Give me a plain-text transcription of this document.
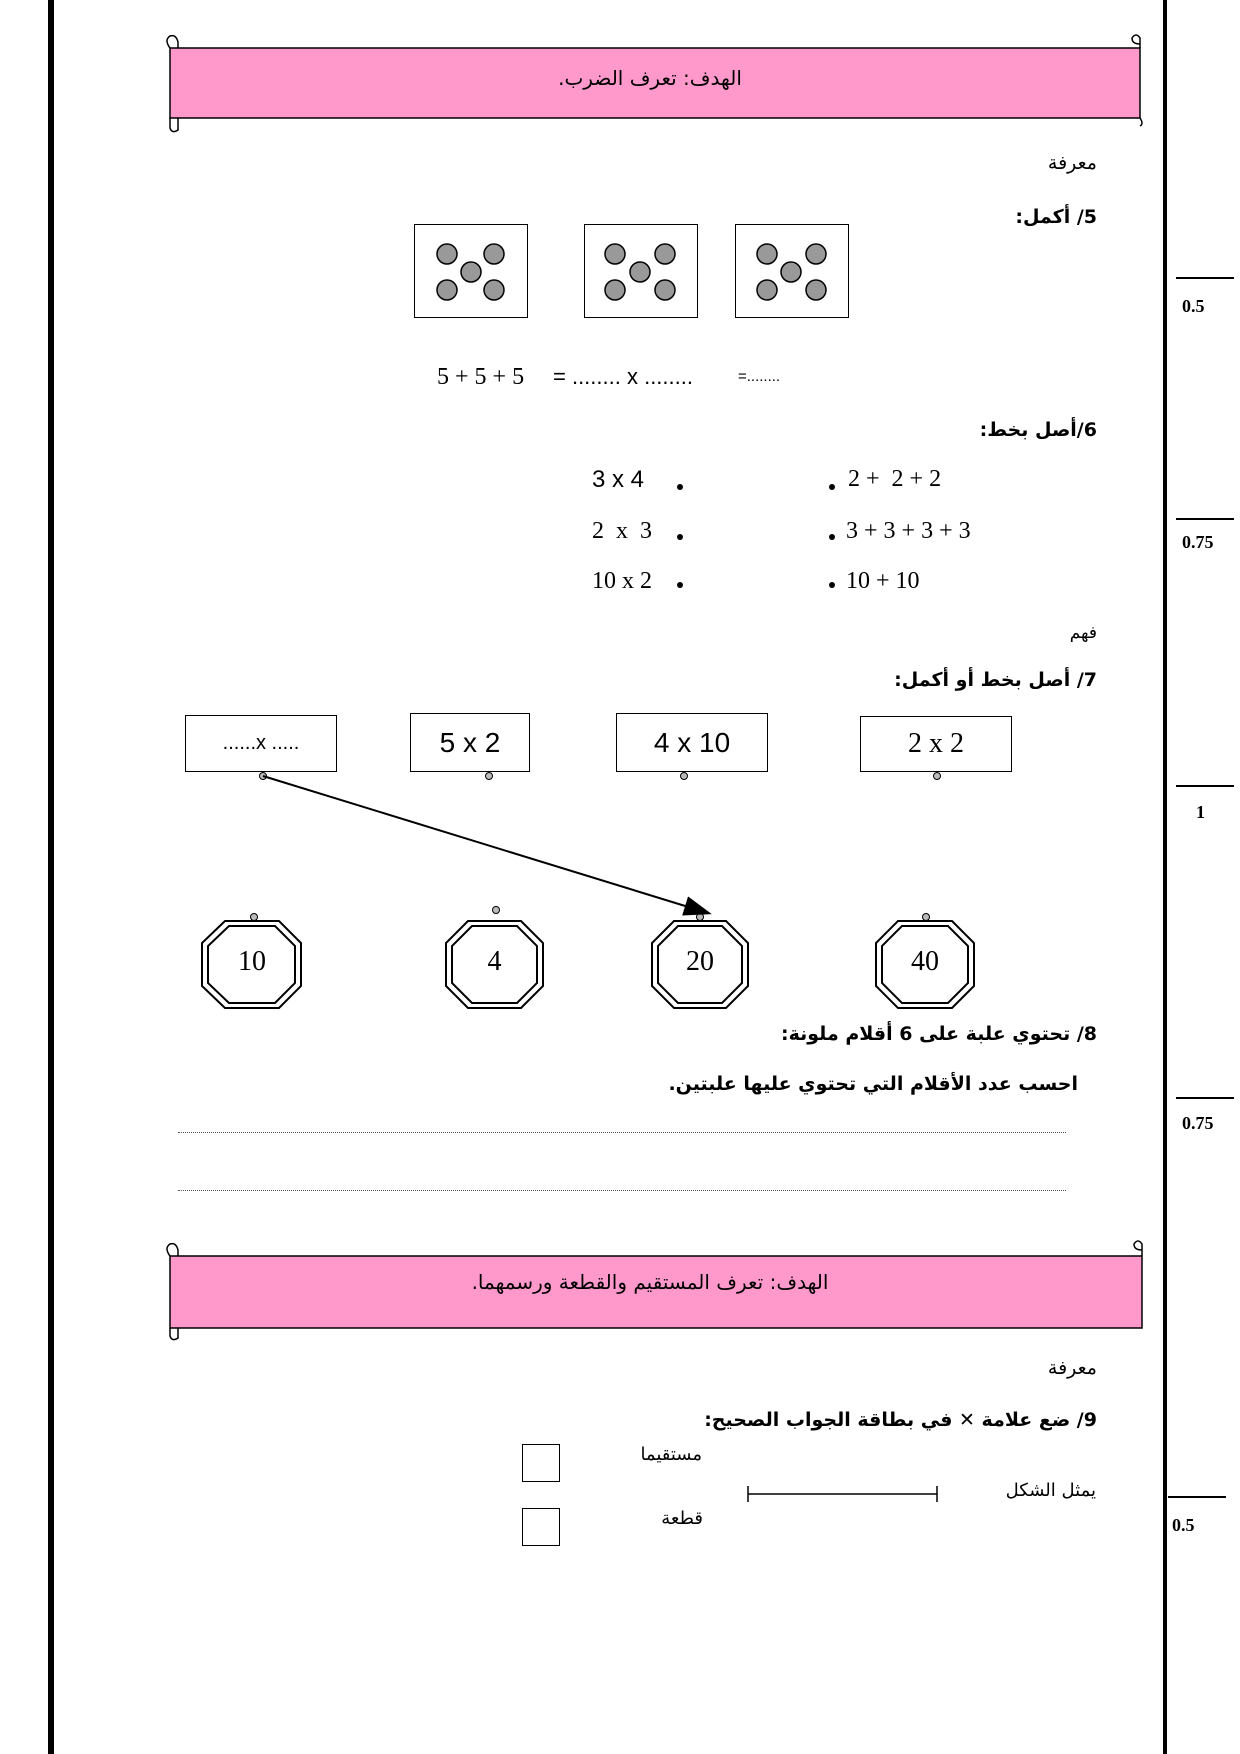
0.5
0.75
1
0.75
0.5
الهدف: تعرف الضرب.
معرفة
5/ أكمل:
5 + 5 + 5 = ........ x ........	=........
6/أصل بخط:
3 x 4
2  x  3
10 x 2
2 +  2 + 2
3 + 3 + 3 + 3
10 + 10
فهم
7/ أصل بخط أو أكمل:
......x .....	5 x 2	4 x 10	2 x 2
10	4	20	40
8/ تحتوي علبة على 6 أقلام ملونة:
احسب عدد الأقلام التي تحتوي عليها علبتين.
الهدف: تعرف المستقيم والقطعة ورسمهما.
معرفة
9/ ضع علامة ✕ في بطاقة الجواب الصحيح:
مستقيما
قطعة
يمثل الشكل
